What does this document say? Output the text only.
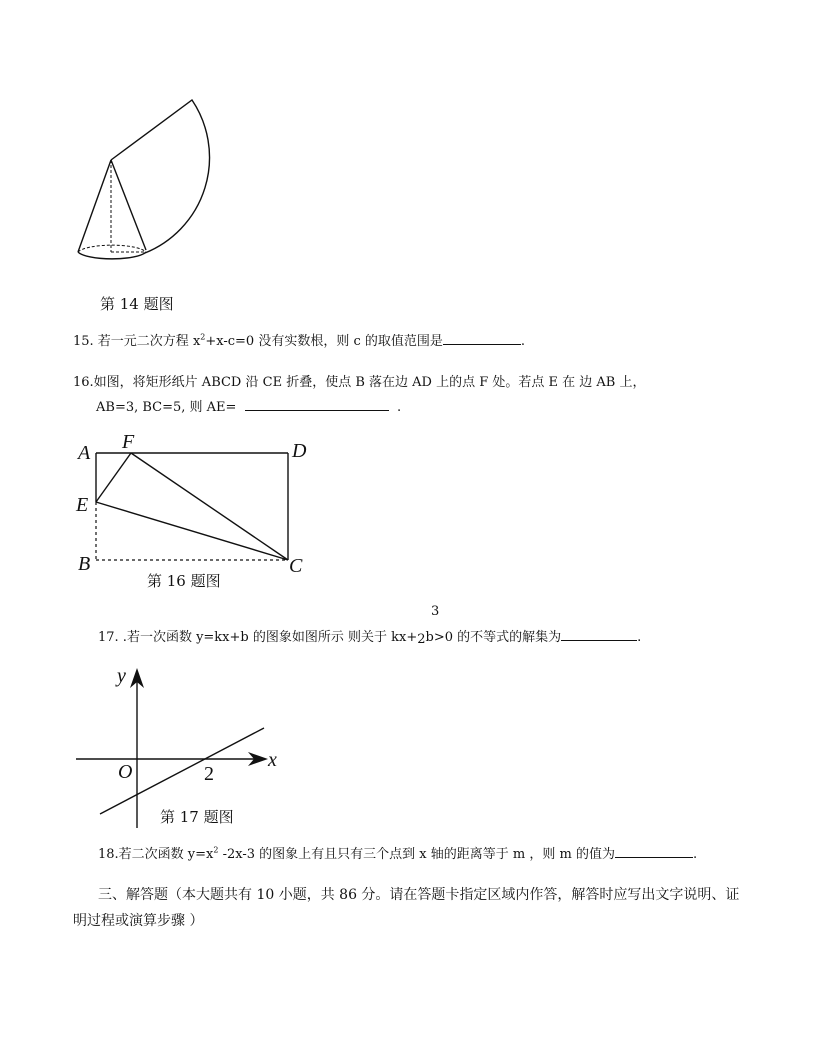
第 14 题图
15. 若一元二次方程 $x^2+x-c=0$ 没有实数根，则 c 的取值范围是	.
16.如图，将矩形纸片 ABCD 沿 CE 折叠，使点 B 落在边 AD 上的点 F 处。若点 E 在 边 AB 上，
AB=3, BC=5, 则 AE=	.
A F	D
E
B	C
第 16 题图
17. .若一次函数 y=kx+b 的图象如图所示 则关于 kx+2b>0 的不等式的解集为	.
3
y
x
O	2
第 17 题图
18.若二次函数 $y=x^2$ -2x-3 的图象上有且只有三个点到 x 轴的距离等于 m ，则 m 的值为	.
三、解答题（本大题共有 10 小题，共 86 分。请在答题卡指定区域内作答，解答时应写出文字说明、证
明过程或演算步骤 ）
